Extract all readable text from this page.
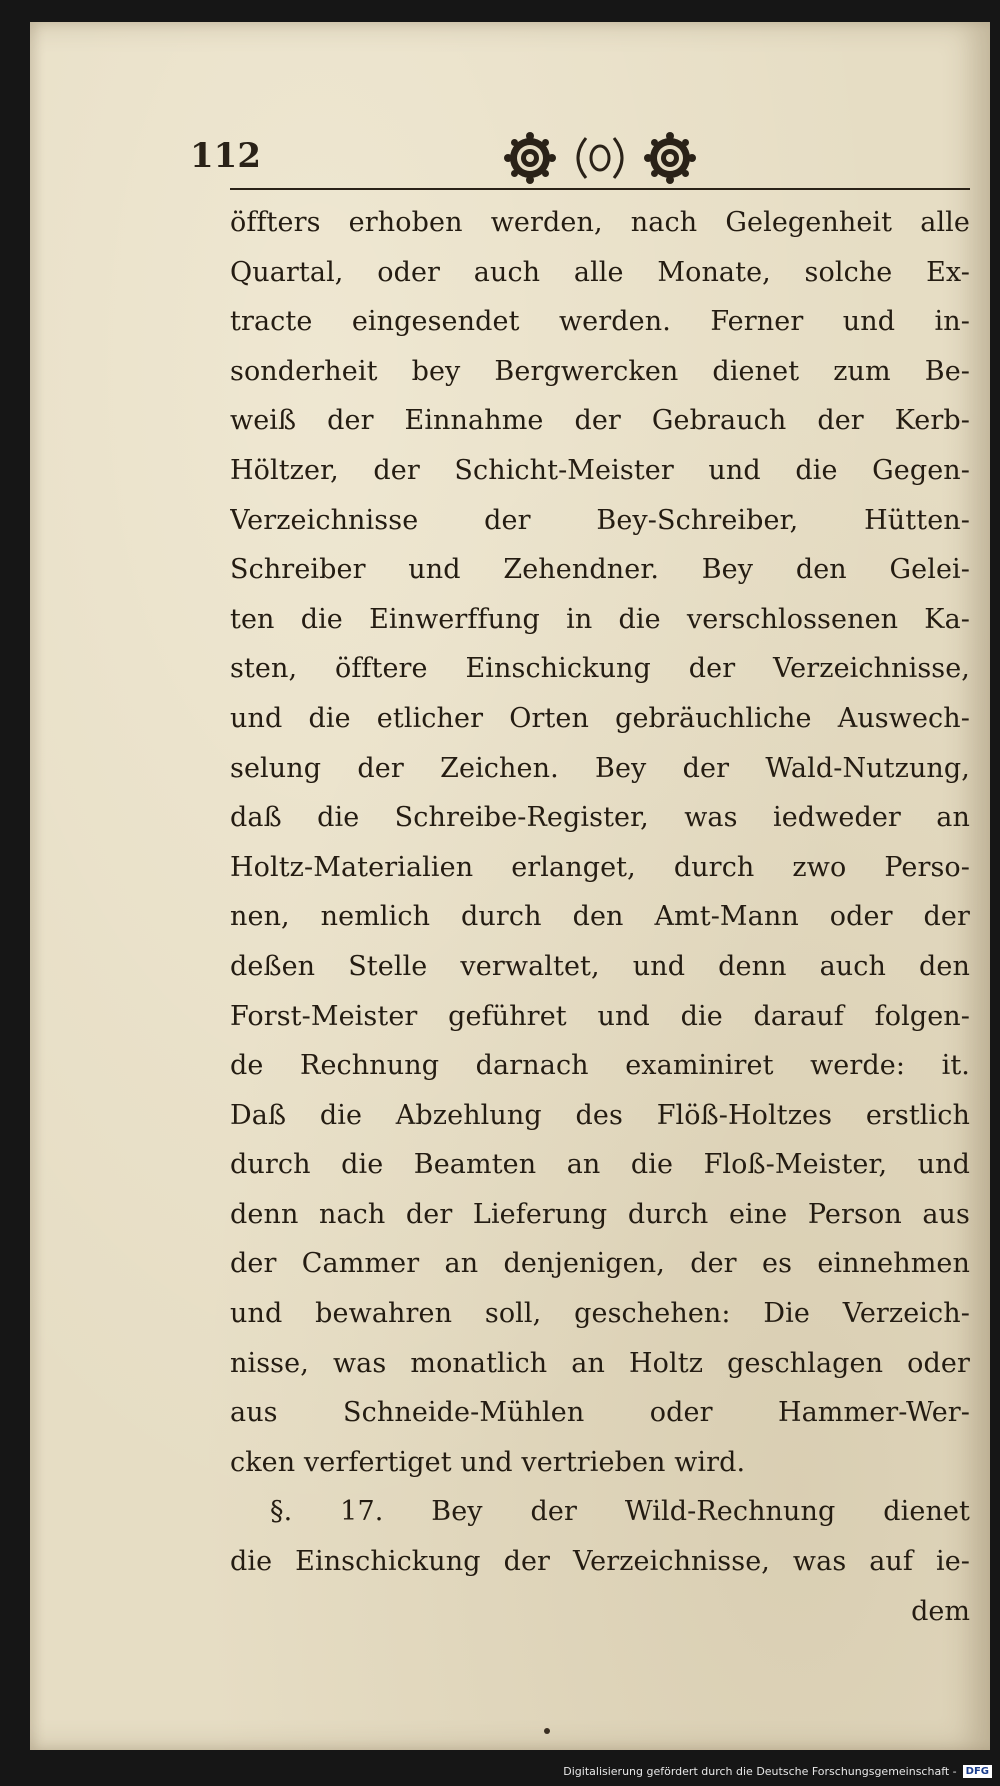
112
öffters erhoben werden, nach Gelegenheit alle
Quartal, oder auch alle Monate, solche Ex-
tracte eingesendet werden. Ferner und in-
sonderheit bey Bergwercken dienet zum Be-
weiß der Einnahme der Gebrauch der Kerb-
Höltzer, der Schicht-Meister und die Gegen-
Verzeichnisse der Bey-Schreiber, Hütten-
Schreiber und Zehendner. Bey den Gelei-
ten die Einwerffung in die verschlossenen Ka-
sten, öfftere Einschickung der Verzeichnisse,
und die etlicher Orten gebräuchliche Auswech-
selung der Zeichen. Bey der Wald-Nutzung,
daß die Schreibe-Register, was iedweder an
Holtz-Materialien erlanget, durch zwo Perso-
nen, nemlich durch den Amt-Mann oder der
deßen Stelle verwaltet, und denn auch den
Forst-Meister geführet und die darauf folgen-
de Rechnung darnach examiniret werde: it.
Daß die Abzehlung des Flöß-Holtzes erstlich
durch die Beamten an die Floß-Meister, und
denn nach der Lieferung durch eine Person aus
der Cammer an denjenigen, der es einnehmen
und bewahren soll, geschehen: Die Verzeich-
nisse, was monatlich an Holtz geschlagen oder
aus Schneide-Mühlen oder Hammer-Wer-
cken verfertiget und vertrieben wird.
§. 17. Bey der Wild-Rechnung dienet
die Einschickung der Verzeichnisse, was auf ie-
dem
Digitalisierung gefördert durch die Deutsche Forschungsgemeinschaft - DFG
